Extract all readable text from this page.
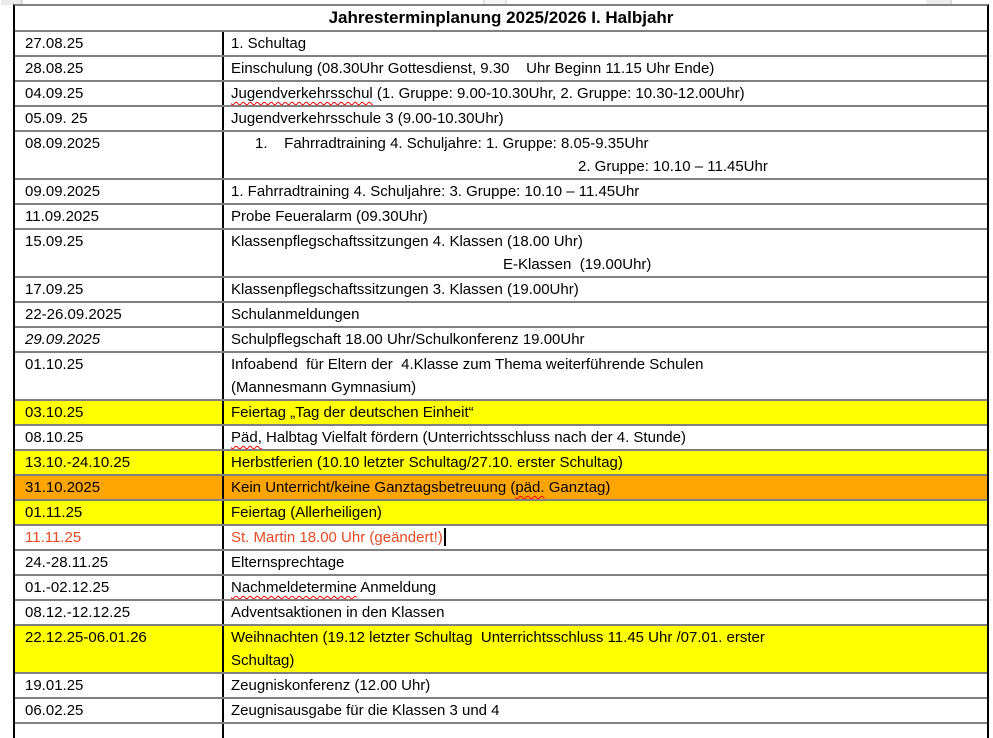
Jahresterminplanung 2025/2026 I. Halbjahr
27.08.25	1. Schultag
28.08.25	Einschulung (08.30Uhr Gottesdienst, 9.30    Uhr Beginn 11.15 Uhr Ende)
04.09.25	Jugendverkehrsschul (1. Gruppe: 9.00-10.30Uhr, 2. Gruppe: 10.30-12.00Uhr)
05.09. 25	Jugendverkehrsschule 3 (9.00-10.30Uhr)
08.09.2025	1.    Fahrradtraining 4. Schuljahre: 1. Gruppe: 8.05-9.35Uhr
2. Gruppe: 10.10 – 11.45Uhr
09.09.2025	1. Fahrradtraining 4. Schuljahre: 3. Gruppe: 10.10 – 11.45Uhr
11.09.2025	Probe Feueralarm (09.30Uhr)
15.09.25	Klassenpflegschaftssitzungen 4. Klassen (18.00 Uhr)
E-Klassen  (19.00Uhr)
17.09.25	Klassenpflegschaftssitzungen 3. Klassen (19.00Uhr)
22-26.09.2025	Schulanmeldungen
29.09.2025	Schulpflegschaft 18.00 Uhr/Schulkonferenz 19.00Uhr
01.10.25	Infoabend  für Eltern der  4.Klasse zum Thema weiterführende Schulen
(Mannesmann Gymnasium)
03.10.25	Feiertag „Tag der deutschen Einheit“
08.10.25	Päd, Halbtag Vielfalt fördern (Unterrichtsschluss nach der 4. Stunde)
13.10.-24.10.25	Herbstferien (10.10 letzter Schultag/27.10. erster Schultag)
31.10.2025	Kein Unterricht/keine Ganztagsbetreuung (päd. Ganztag)
01.11.25	Feiertag (Allerheiligen)
11.11.25	St. Martin 18.00 Uhr (geändert!)
24.-28.11.25	Elternsprechtage
01.-02.12.25	Nachmeldetermine Anmeldung
08.12.-12.12.25	Adventsaktionen in den Klassen
22.12.25-06.01.26	Weihnachten (19.12 letzter Schultag  Unterrichtsschluss 11.45 Uhr /07.01. erster
Schultag)
19.01.25	Zeugniskonferenz (12.00 Uhr)
06.02.25	Zeugnisausgabe für die Klassen 3 und 4
